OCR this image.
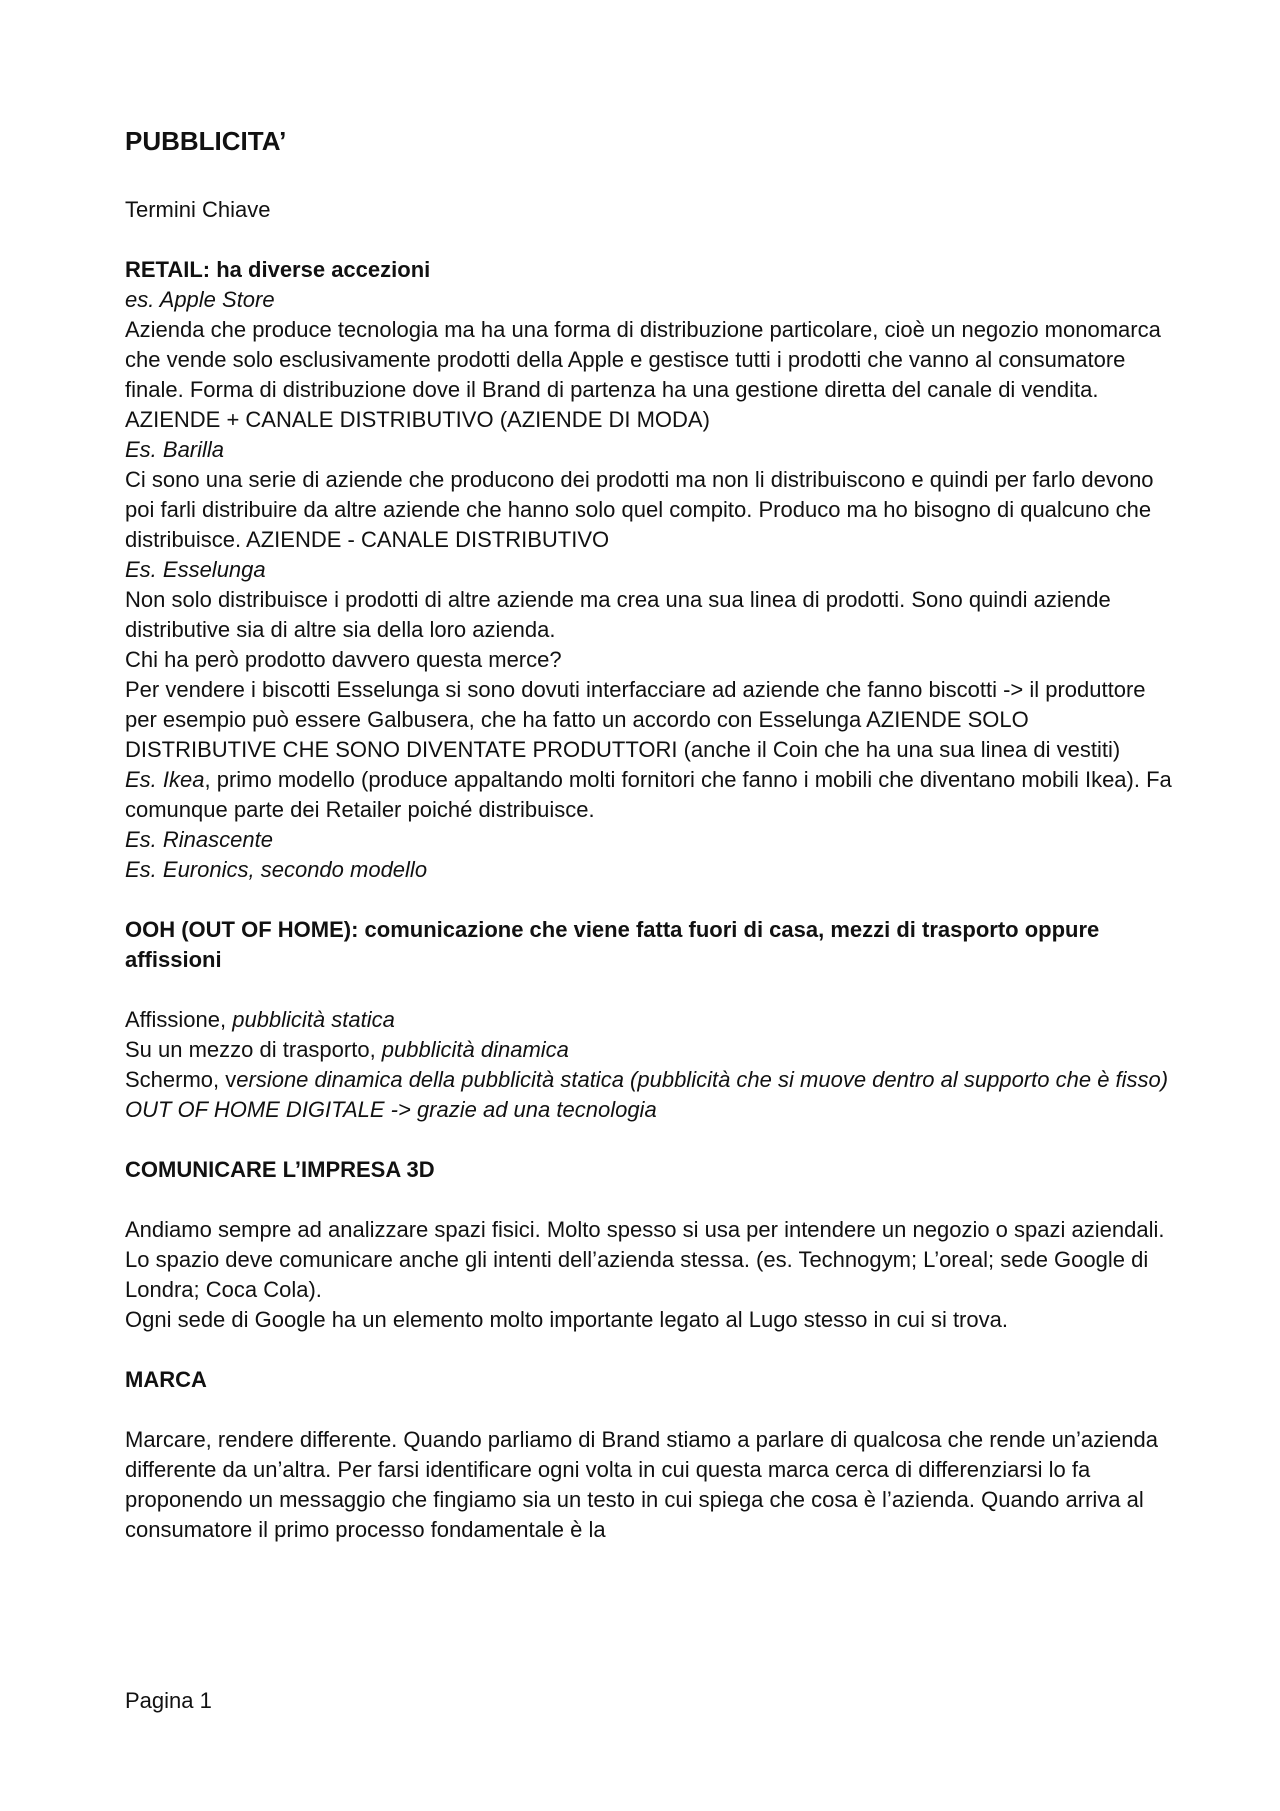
PUBBLICITA’

Termini Chiave

RETAIL: ha diverse accezioni

es. Apple Store

Azienda che produce tecnologia ma ha una forma di distribuzione particolare, cioè un negozio monomarca che vende solo esclusivamente prodotti della Apple e gestisce tutti i prodotti che vanno al consumatore finale. Forma di distribuzione dove il Brand di partenza ha una gestione diretta del canale di vendita. AZIENDE + CANALE DISTRIBUTIVO (AZIENDE DI MODA)

Es. Barilla

Ci sono una serie di aziende che producono dei prodotti ma non li distribuiscono e quindi per farlo devono poi farli distribuire da altre aziende che hanno solo quel compito. Produco ma ho bisogno di qualcuno che distribuisce. AZIENDE - CANALE DISTRIBUTIVO

Es. Esselunga

Non solo distribuisce i prodotti di altre aziende ma crea una sua linea di prodotti. Sono quindi aziende distributive sia di altre sia della loro azienda.

Chi ha però prodotto davvero questa merce?

Per vendere i biscotti Esselunga si sono dovuti interfacciare ad aziende che fanno biscotti -> il produttore per esempio può essere Galbusera, che ha fatto un accordo con Esselunga AZIENDE SOLO DISTRIBUTIVE CHE SONO DIVENTATE PRODUTTORI (anche il Coin che ha una sua linea di vestiti)

Es. Ikea, primo modello (produce appaltando molti fornitori che fanno i mobili che diventano mobili Ikea). Fa comunque parte dei Retailer poiché distribuisce.

Es. Rinascente

Es. Euronics, secondo modello

OOH (OUT OF HOME): comunicazione che viene fatta fuori di casa, mezzi di trasporto oppure affissioni

Affissione, pubblicità statica

Su un mezzo di trasporto, pubblicità dinamica

Schermo, versione dinamica della pubblicità statica (pubblicità che si muove dentro al supporto che è fisso) OUT OF HOME DIGITALE -> grazie ad una tecnologia

COMUNICARE L’IMPRESA 3D

Andiamo sempre ad analizzare spazi fisici. Molto spesso si usa per intendere un negozio o spazi aziendali.

Lo spazio deve comunicare anche gli intenti dell’azienda stessa. (es. Technogym; L’oreal; sede Google di Londra; Coca Cola).

Ogni sede di Google ha un elemento molto importante legato al Lugo stesso in cui si trova.

MARCA

Marcare, rendere differente. Quando parliamo di Brand stiamo a parlare di qualcosa che rende un’azienda differente da un’altra. Per farsi identificare ogni volta in cui questa marca cerca di differenziarsi lo fa proponendo un messaggio che fingiamo sia un testo in cui spiega che cosa è l’azienda. Quando arriva al consumatore il primo processo fondamentale è la

Pagina 1
